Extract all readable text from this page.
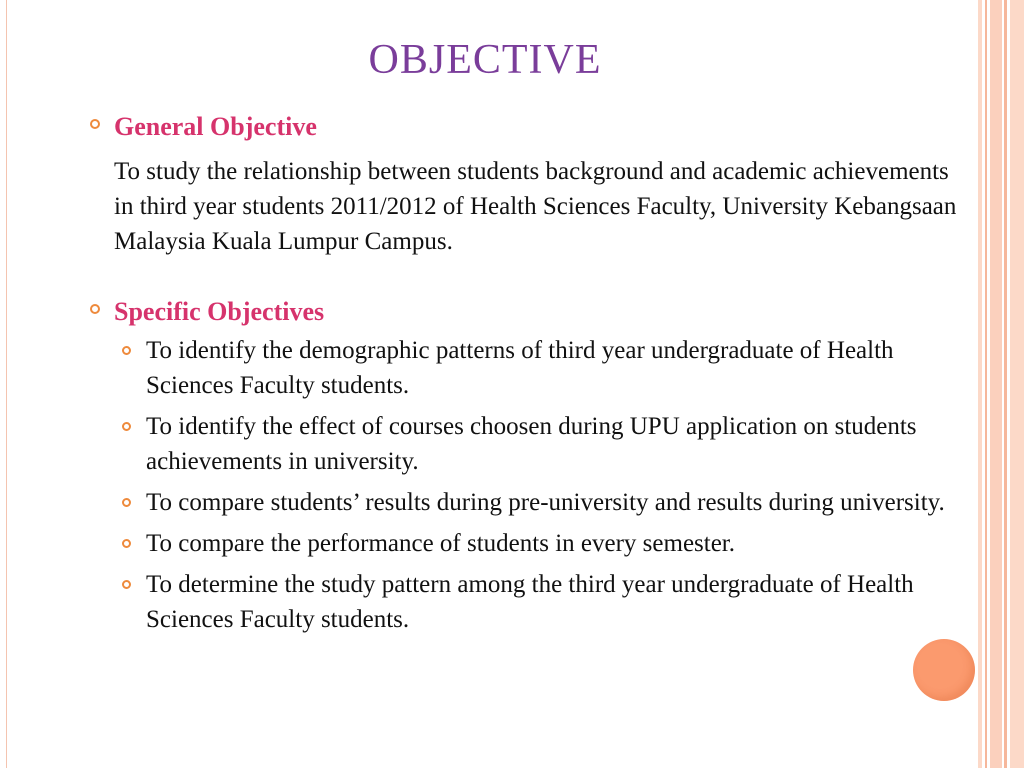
OBJECTIVE
General Objective

To study the relationship between students background and academic achievements in third year students 2011/2012 of Health Sciences Faculty, University Kebangsaan Malaysia Kuala Lumpur Campus.

Specific Objectives
To identify the demographic patterns of third year undergraduate of Health Sciences Faculty students.
To identify the effect of courses choosen during UPU application on students achievements in university.
To compare students’ results during pre-university and results during university.
To compare the performance of students in every semester.
To determine the study pattern among the third year undergraduate of Health Sciences Faculty students.
